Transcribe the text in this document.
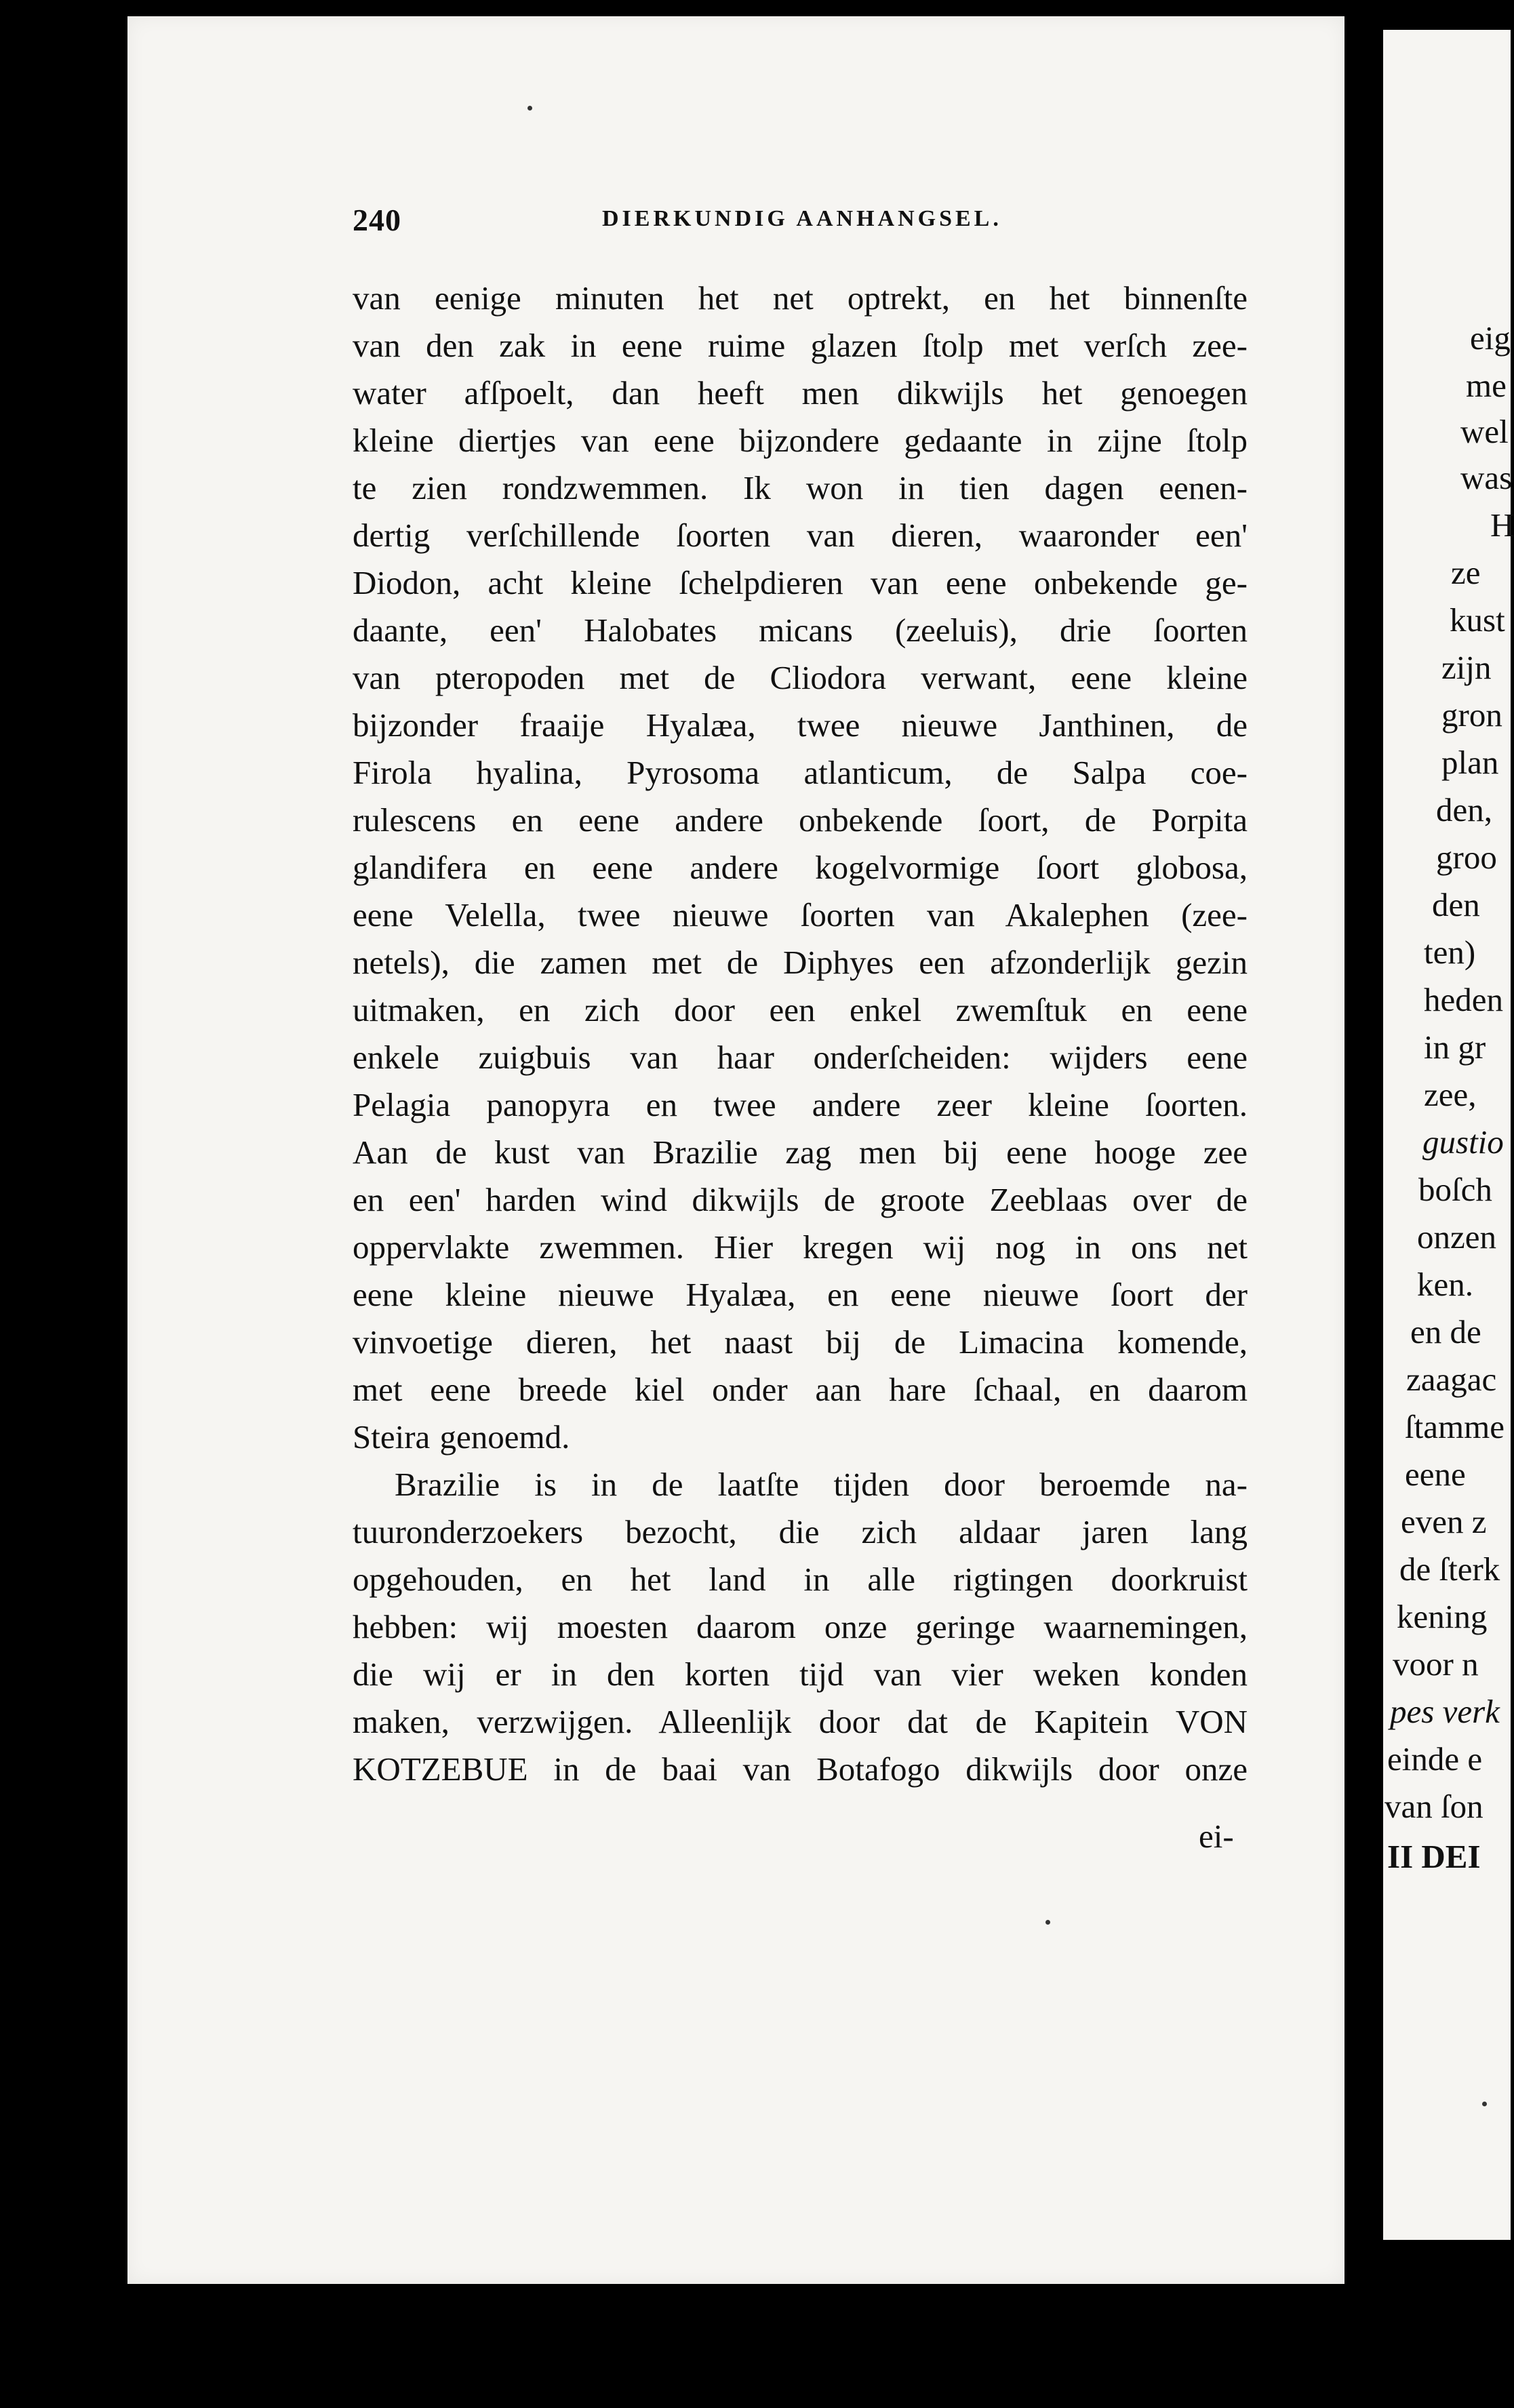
240	DIERKUNDIG AANHANGSEL.
van eenige minuten het net optrekt, en het binnenſte
van den zak in eene ruime glazen ſtolp met verſch zee-
water afſpoelt, dan heeft men dikwijls het genoegen
kleine diertjes van eene bijzondere gedaante in zijne ſtolp
te zien rondzwemmen. Ik won in tien dagen eenen-
dertig verſchillende ſoorten van dieren, waaronder een'
Diodon, acht kleine ſchelpdieren van eene onbekende ge-
daante, een' Halobates micans (zeeluis), drie ſoorten
van pteropoden met de Cliodora verwant, eene kleine
bijzonder fraaije Hyalæa, twee nieuwe Janthinen, de
Firola hyalina, Pyrosoma atlanticum, de Salpa coe-
rulescens en eene andere onbekende ſoort, de Porpita
glandifera en eene andere kogelvormige ſoort globosa,
eene Velella, twee nieuwe ſoorten van Akalephen (zee-
netels), die zamen met de Diphyes een afzonderlijk gezin
uitmaken, en zich door een enkel zwemſtuk en eene
enkele zuigbuis van haar onderſcheiden: wijders eene
Pelagia panopyra en twee andere zeer kleine ſoorten.
Aan de kust van Brazilie zag men bij eene hooge zee
en een' harden wind dikwijls de groote Zeeblaas over de
oppervlakte zwemmen. Hier kregen wij nog in ons net
eene kleine nieuwe Hyalæa, en eene nieuwe ſoort der
vinvoetige dieren, het naast bij de Limacina komende,
met eene breede kiel onder aan hare ſchaal, en daarom
Steira genoemd.
Brazilie is in de laatſte tijden door beroemde na-
tuuronderzoekers bezocht, die zich aldaar jaren lang
opgehouden, en het land in alle rigtingen doorkruist
hebben: wij moesten daarom onze geringe waarnemingen,
die wij er in den korten tijd van vier weken konden
maken, verzwijgen. Alleenlijk door dat de Kapitein VON
KOTZEBUE in de baai van Botafogo dikwijls door onze
ei-
eig
me
wel
was
H
ze
kust
zijn
gron
plan
den,
groo
den
ten)
heden
in gr
zee,
gustio
boſch
onzen
ken.
en de
zaagac
ſtamme
eene
even z
de ſterk
kening
voor n
pes verk
einde e
van ſon
II DEI
